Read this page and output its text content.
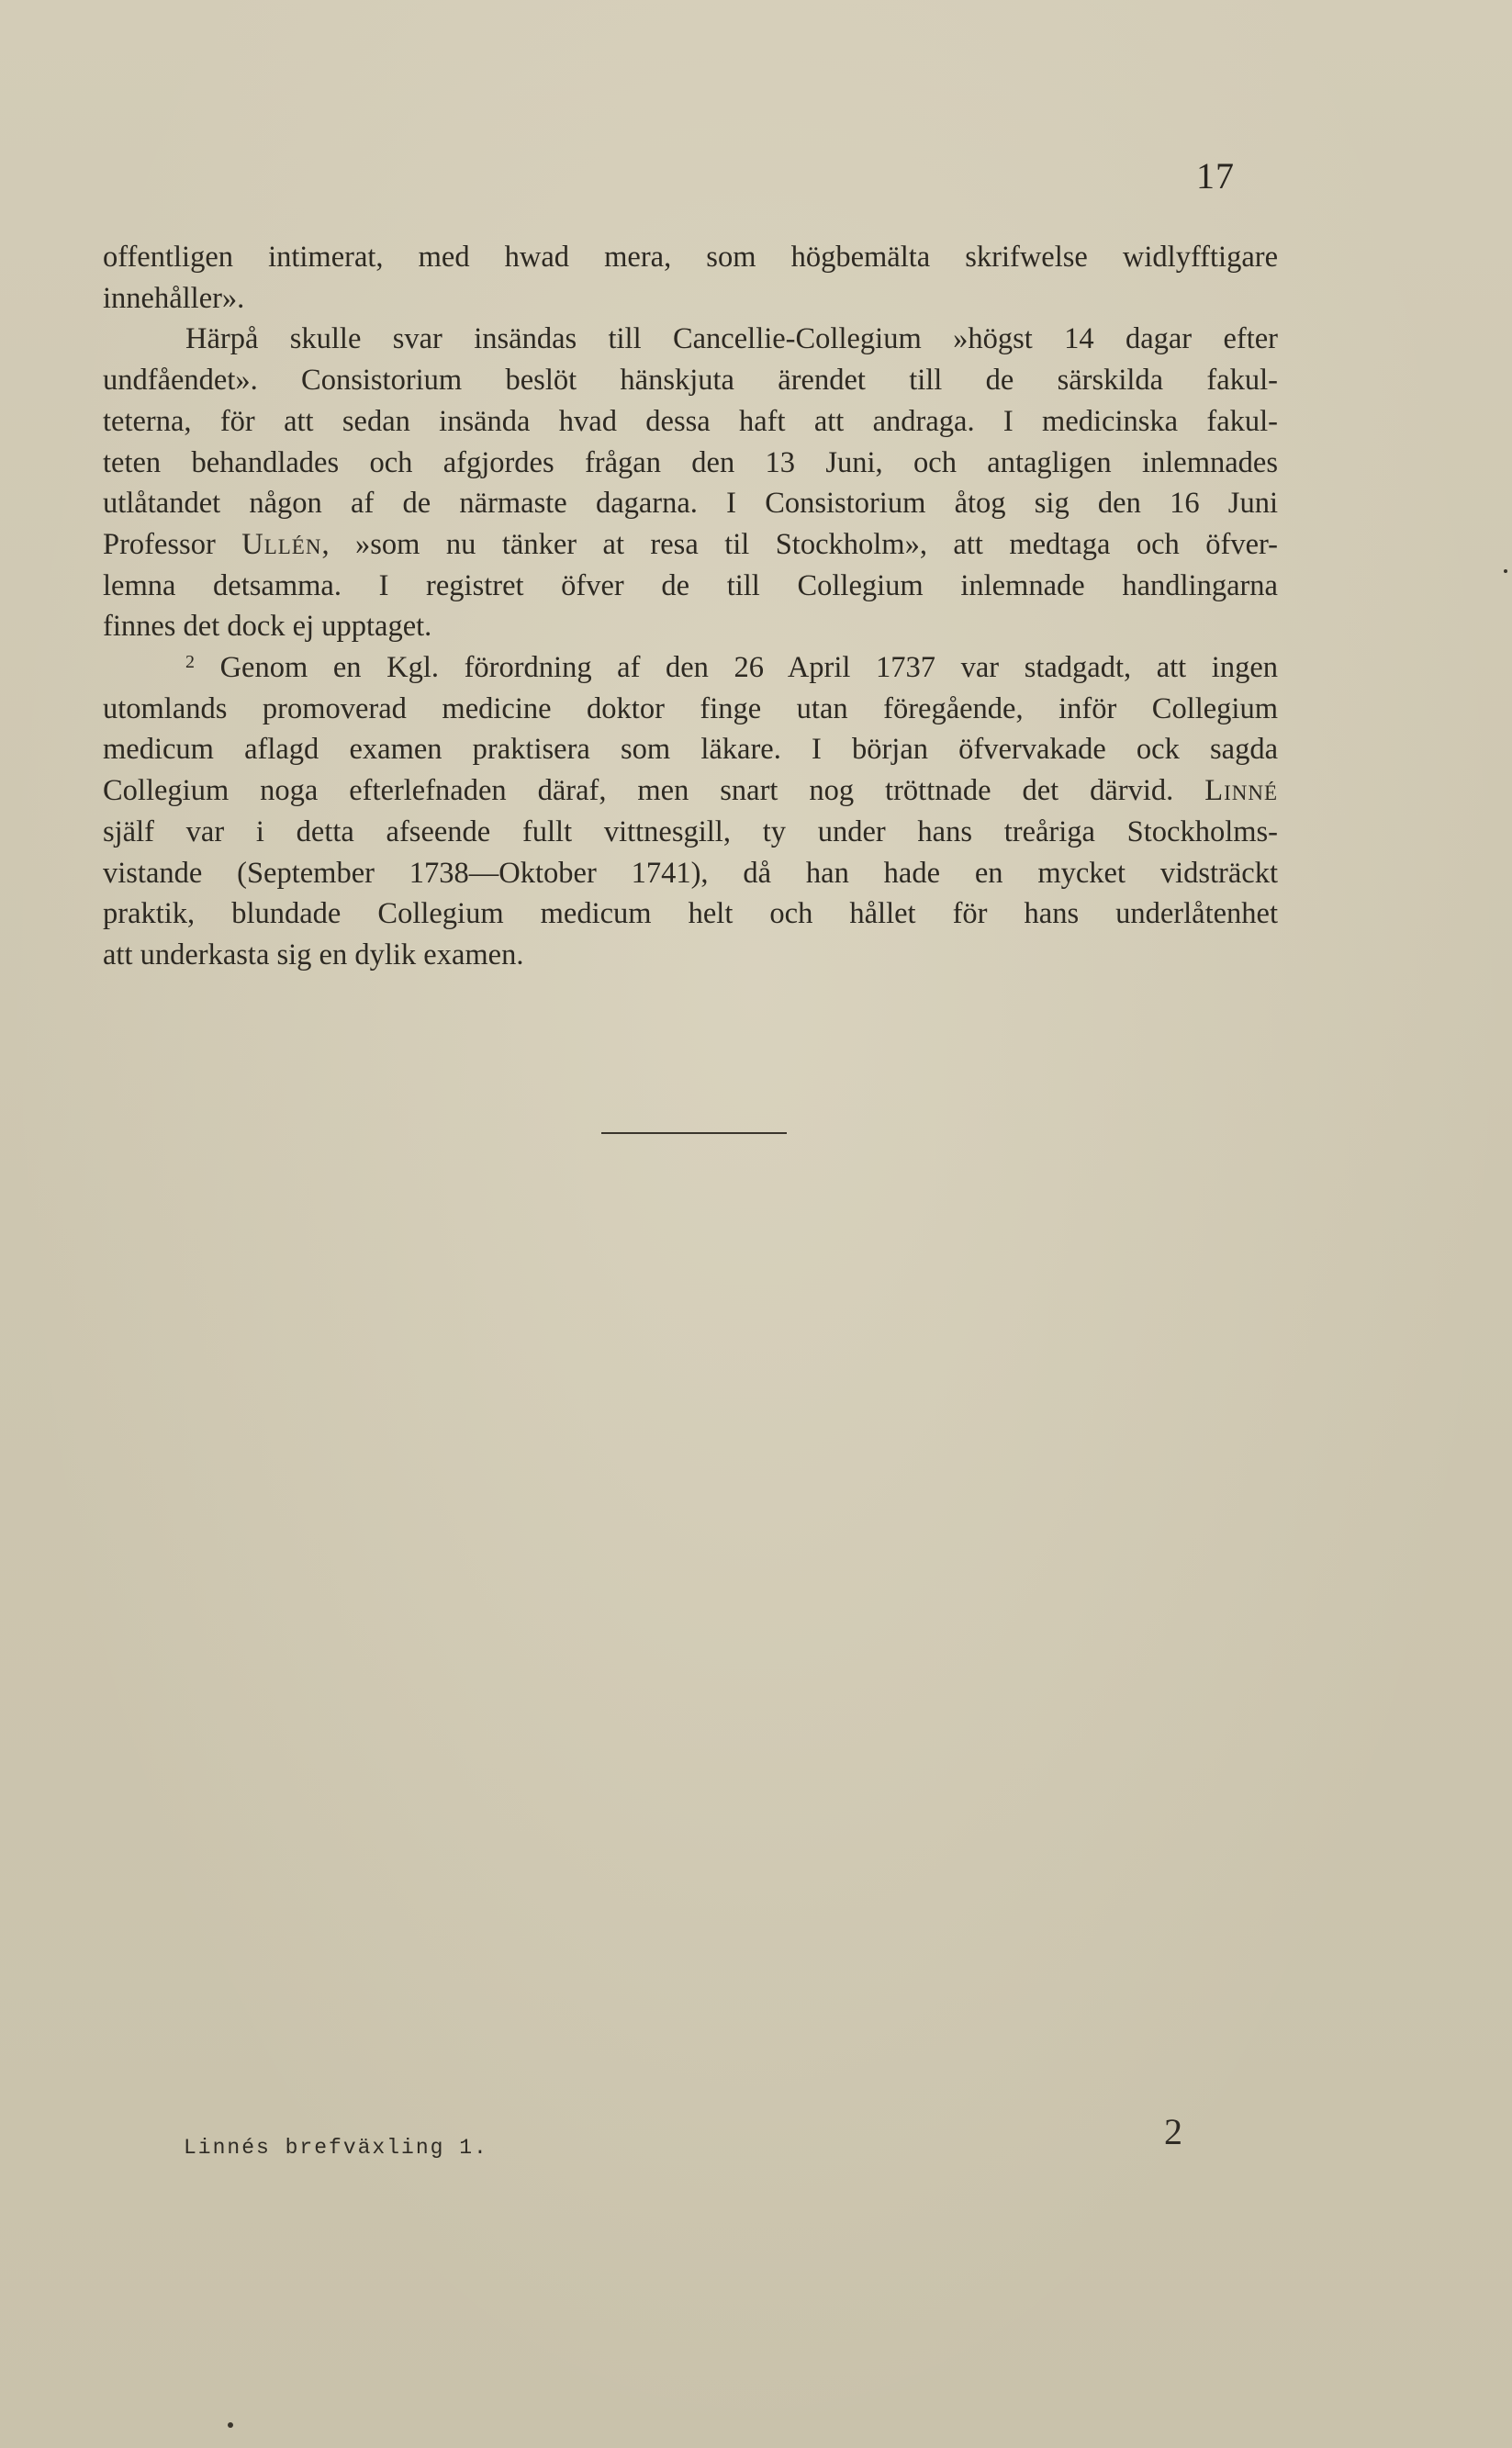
17

offentligen intimerat, med hwad mera, som högbemälta skrifwelse widlyfftigare

innehåller».

Härpå skulle svar insändas till Cancellie-Collegium »högst 14 dagar efter

undfåendet». Consistorium beslöt hänskjuta ärendet till de särskilda fakul-

teterna, för att sedan insända hvad dessa haft att andraga. I medicinska fakul-

teten behandlades och afgjordes frågan den 13 Juni, och antagligen inlemnades

utlåtandet någon af de närmaste dagarna. I Consistorium åtog sig den 16 Juni

Professor Ullén, »som nu tänker at resa til Stockholm», att medtaga och öfver-

lemna detsamma. I registret öfver de till Collegium inlemnade handlingarna

finnes det dock ej upptaget.

$^2$ Genom en Kgl. förordning af den 26 April 1737 var stadgadt, att ingen

utomlands promoverad medicine doktor finge utan föregående, inför Collegium

medicum aflagd examen praktisera som läkare. I början öfvervakade ock sagda

Collegium noga efterlefnaden däraf, men snart nog tröttnade det därvid. Linné

själf var i detta afseende fullt vittnesgill, ty under hans treåriga Stockholms-

vistande (September 1738—Oktober 1741), då han hade en mycket vidsträckt

praktik, blundade Collegium medicum helt och hållet för hans underlåtenhet

att underkasta sig en dylik examen.

Linnés brefväxling 1.	2
